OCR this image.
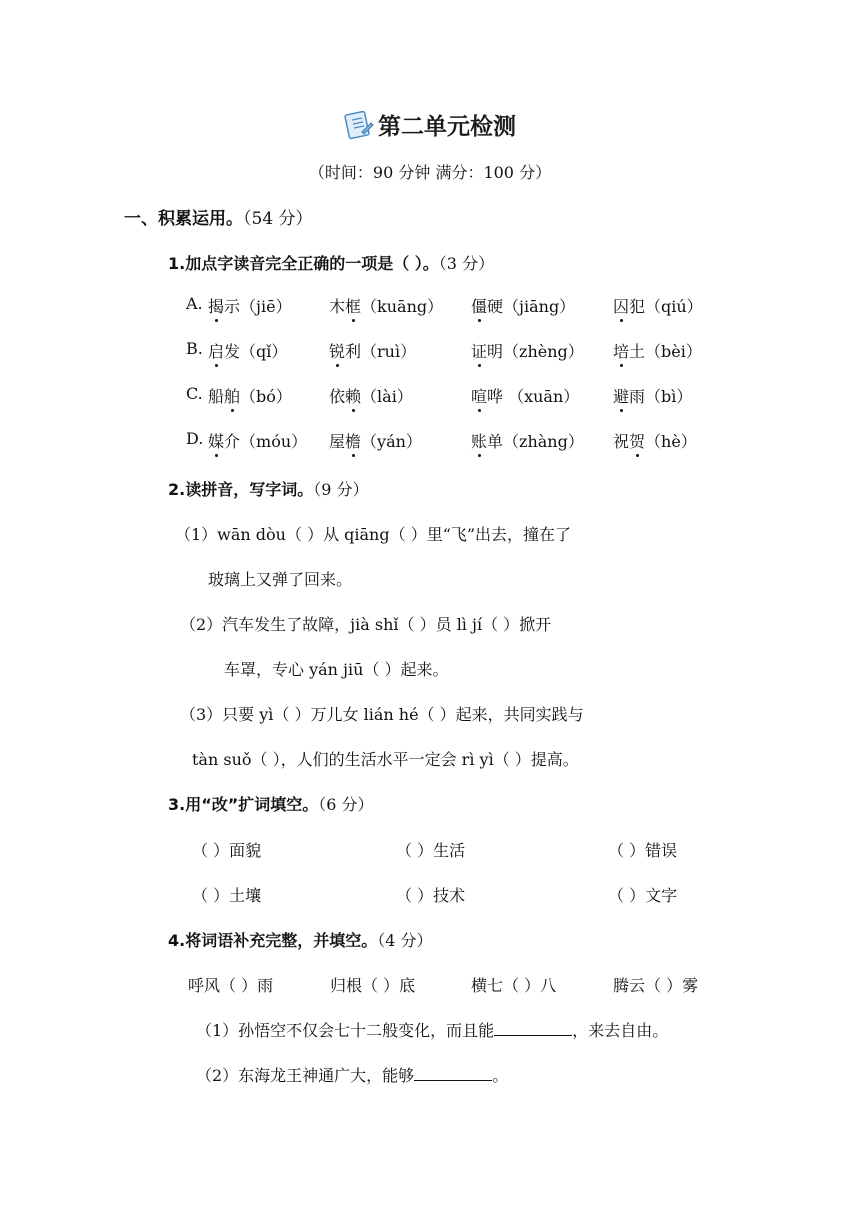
第二单元检测
（时间：90 分钟 满分：100 分）
一、积累运用。（54 分）
1.加点字读音完全正确的一项是（ ）。（3 分）
A. 揭示（jiē） 木框（kuāng） 僵硬（jiāng） 囚犯（qiú）
B. 启发（qǐ）	锐利（ruì）	证明（zhèng） 培土（bèi）
C. 船舶（bó） 依赖（lài）	喧哗 （xuān） 避雨（bì）
D. 媒介（móu） 屋檐（yán）	账单（zhàng） 祝贺（hè）
2.读拼音，写字词。（9 分）
（1）wān dòu（ ）从 qiāng（ ）里“飞”出去，撞在了
玻璃上又弹了回来。
（2）汽车发生了故障，jià shǐ（ ）员 lì jí（ ）掀开
车罩，专心 yán jiū（ ）起来。
（3）只要 yì（ ）万儿女 lián hé（ ）起来，共同实践与
tàn suǒ（ ），人们的生活水平一定会 rì yì（ ）提高。
3.用“改”扩词填空。（6 分）
（ ）面貌	（ ）生活	（ ）错误
（ ）土壤	（ ）技术	（ ）文字
4.将词语补充完整，并填空。（4 分）
呼风（ ）雨	归根（ ）底	横七（ ）八	腾云（ ）雾
（1）孙悟空不仅会七十二般变化，而且能	，来去自由。
（2）东海龙王神通广大，能够	。
